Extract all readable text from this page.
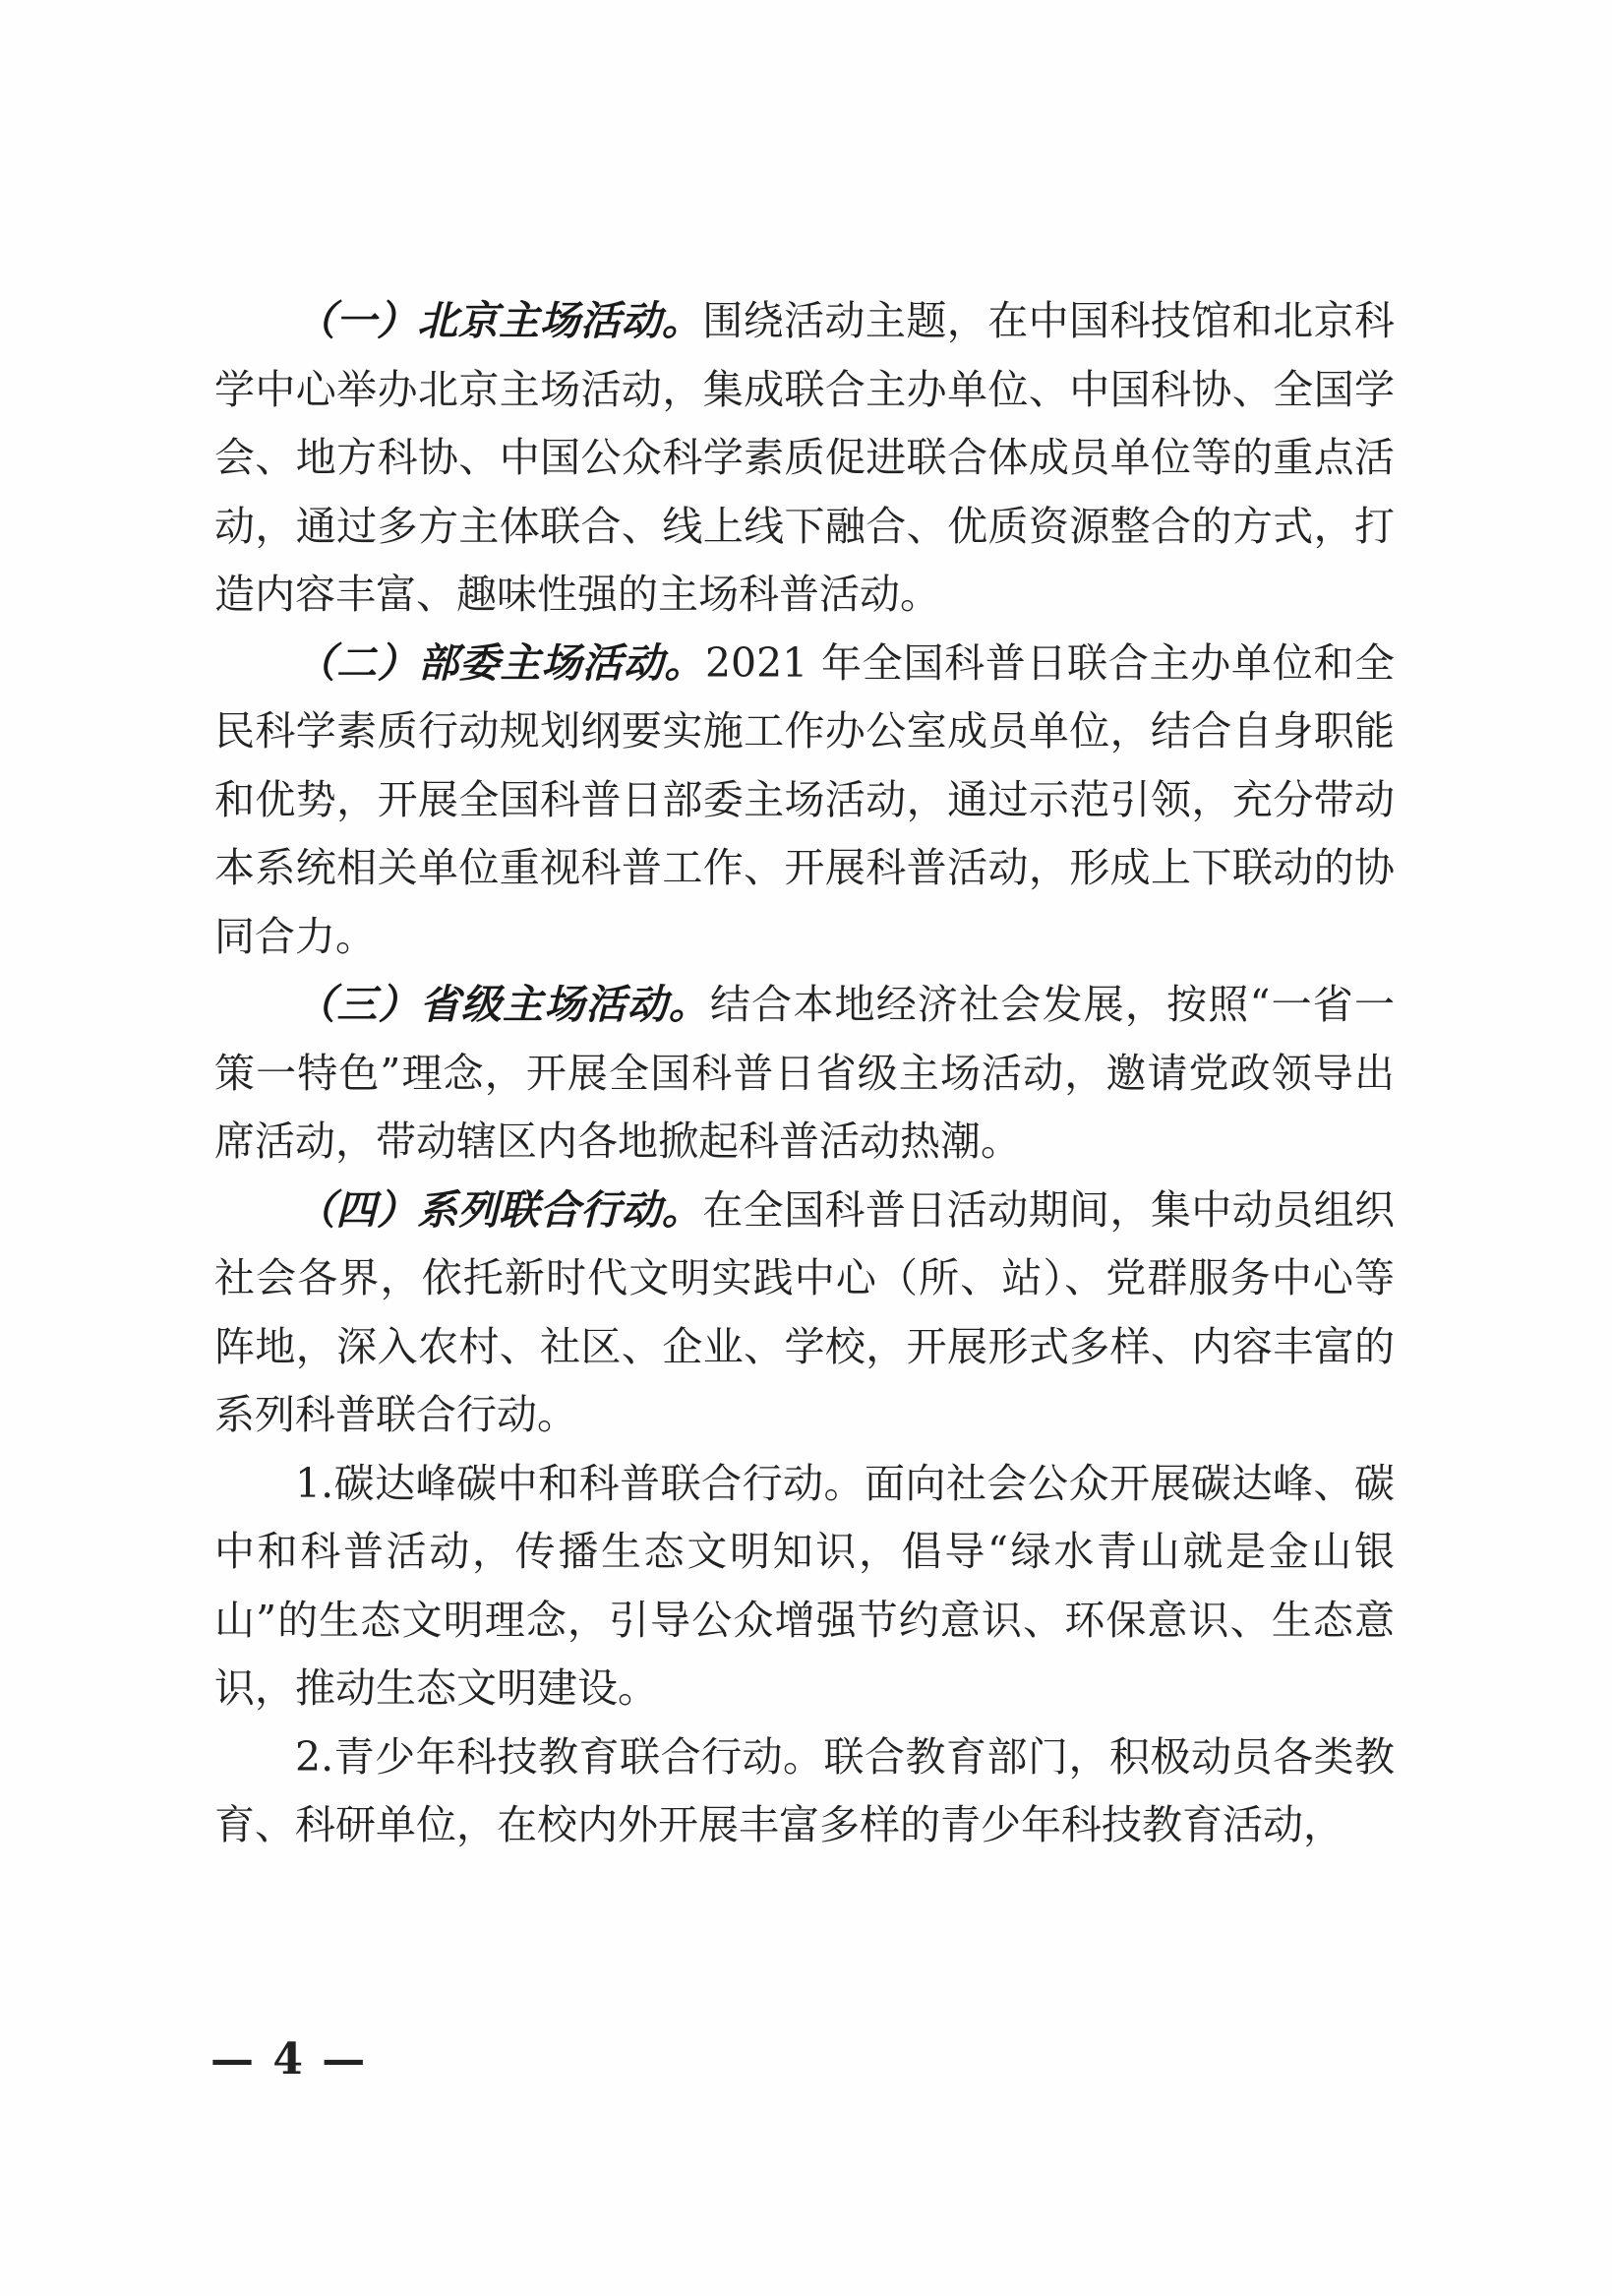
（一）北京主场活动。围绕活动主题，在中国科技馆和北京科学中心举办北京主场活动，集成联合主办单位、中国科协、全国学会、地方科协、中国公众科学素质促进联合体成员单位等的重点活动，通过多方主体联合、线上线下融合、优质资源整合的方式，打造内容丰富、趣味性强的主场科普活动。

（二）部委主场活动。2021 年全国科普日联合主办单位和全民科学素质行动规划纲要实施工作办公室成员单位，结合自身职能和优势，开展全国科普日部委主场活动，通过示范引领，充分带动本系统相关单位重视科普工作、开展科普活动，形成上下联动的协同合力。

（三）省级主场活动。结合本地经济社会发展，按照“一省一策一特色”理念，开展全国科普日省级主场活动，邀请党政领导出席活动，带动辖区内各地掀起科普活动热潮。

（四）系列联合行动。在全国科普日活动期间，集中动员组织社会各界，依托新时代文明实践中心（所、站）、党群服务中心等阵地，深入农村、社区、企业、学校，开展形式多样、内容丰富的系列科普联合行动。

1.碳达峰碳中和科普联合行动。面向社会公众开展碳达峰、碳中和科普活动，传播生态文明知识，倡导“绿水青山就是金山银山”的生态文明理念，引导公众增强节约意识、环保意识、生态意识，推动生态文明建设。

2.青少年科技教育联合行动。联合教育部门，积极动员各类教育、科研单位，在校内外开展丰富多样的青少年科技教育活动，

— 4 —
